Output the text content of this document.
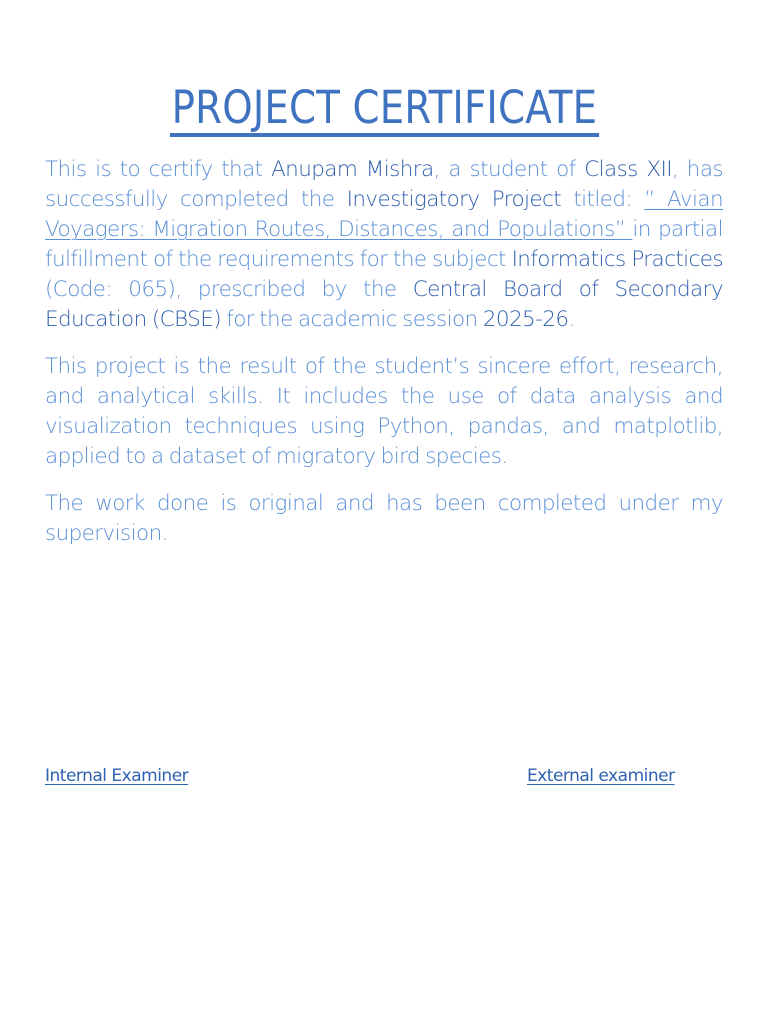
PROJECT CERTIFICATE

This is to certify that Anupam Mishra, a student of Class XII, has successfully completed the Investigatory Project titled: ” Avian Voyagers: Migration Routes, Distances, and Populations” in partial fulfillment of the requirements for the subject Informatics Practices (Code: 065), prescribed by the Central Board of Secondary Education (CBSE) for the academic session 2025-26.

This project is the result of the student’s sincere effort, research, and analytical skills. It includes the use of data analysis and visualization techniques using Python, pandas, and matplotlib, applied to a dataset of migratory bird species.

The work done is original and has been completed under my supervision.

Internal Examiner	External examiner
